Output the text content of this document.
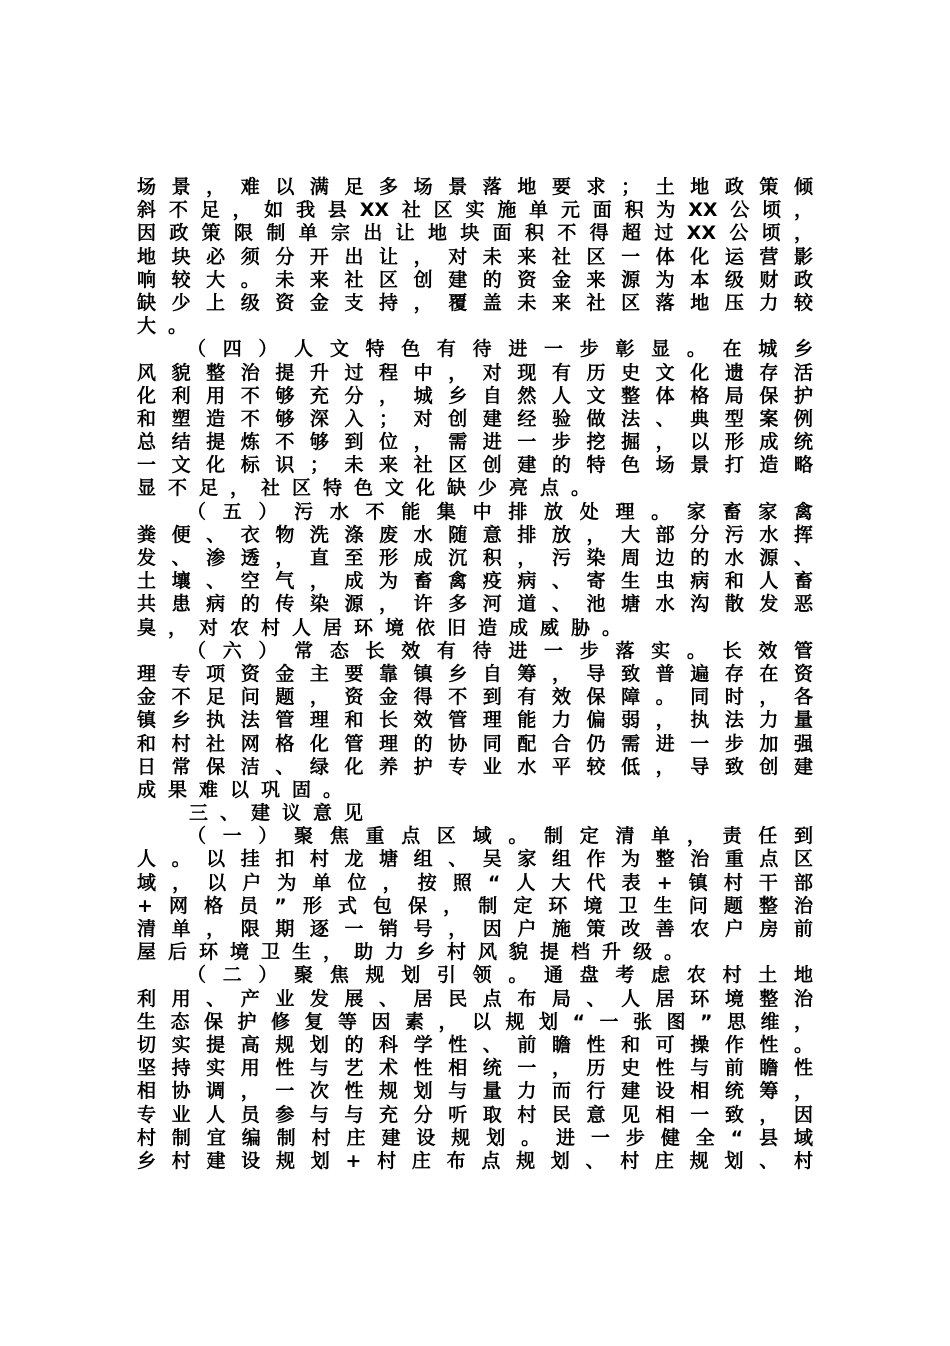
场景，难以满足多场景落地要求；土地政策倾
斜不足，如我县XX社区实施单元面积为XX公顷，
因政策限制单宗出让地块面积不得超过XX公顷，
地块必须分开出让，对未来社区一体化运营影
响较大。未来社区创建的资金来源为本级财政
缺少上级资金支持，覆盖未来社区落地压力较
大。
（四）人文特色有待进一步彰显。在城乡
风貌整治提升过程中，对现有历史文化遗存活
化利用不够充分，城乡自然人文整体格局保护
和塑造不够深入；对创建经验做法、典型案例
总结提炼不够到位，需进一步挖掘，以形成统
一文化标识；未来社区创建的特色场景打造略
显不足，社区特色文化缺少亮点。
（五）污水不能集中排放处理。家畜家禽
粪便、衣物洗涤废水随意排放，大部分污水挥
发、渗透，直至形成沉积，污染周边的水源、
土壤、空气，成为畜禽疫病、寄生虫病和人畜
共患病的传染源，许多河道、池塘水沟散发恶
臭，对农村人居环境依旧造成威胁。
（六）常态长效有待进一步落实。长效管
理专项资金主要靠镇乡自筹，导致普遍存在资
金不足问题，资金得不到有效保障。同时，各
镇乡执法管理和长效管理能力偏弱，执法力量
和村社网格化管理的协同配合仍需进一步加强
日常保洁、绿化养护专业水平较低，导致创建
成果难以巩固。
三、建议意见
（一）聚焦重点区域。制定清单，责任到
人。以挂扣村龙塘组、吴家组作为整治重点区
域，以户为单位，按照“人大代表+镇村干部
+网格员”形式包保，制定环境卫生问题整治
清单，限期逐一销号，因户施策改善农户房前
屋后环境卫生，助力乡村风貌提档升级。
（二）聚焦规划引领。通盘考虑农村土地
利用、产业发展、居民点布局、人居环境整治
生态保护修复等因素，以规划“一张图”思维，
切实提高规划的科学性、前瞻性和可操作性。
坚持实用性与艺术性相统一，历史性与前瞻性
相协调，一次性规划与量力而行建设相统筹，
专业人员参与与充分听取村民意见相一致，因
村制宜编制村庄建设规划。进一步健全“县域
乡村建设规划+村庄布点规划、村庄规划、村
